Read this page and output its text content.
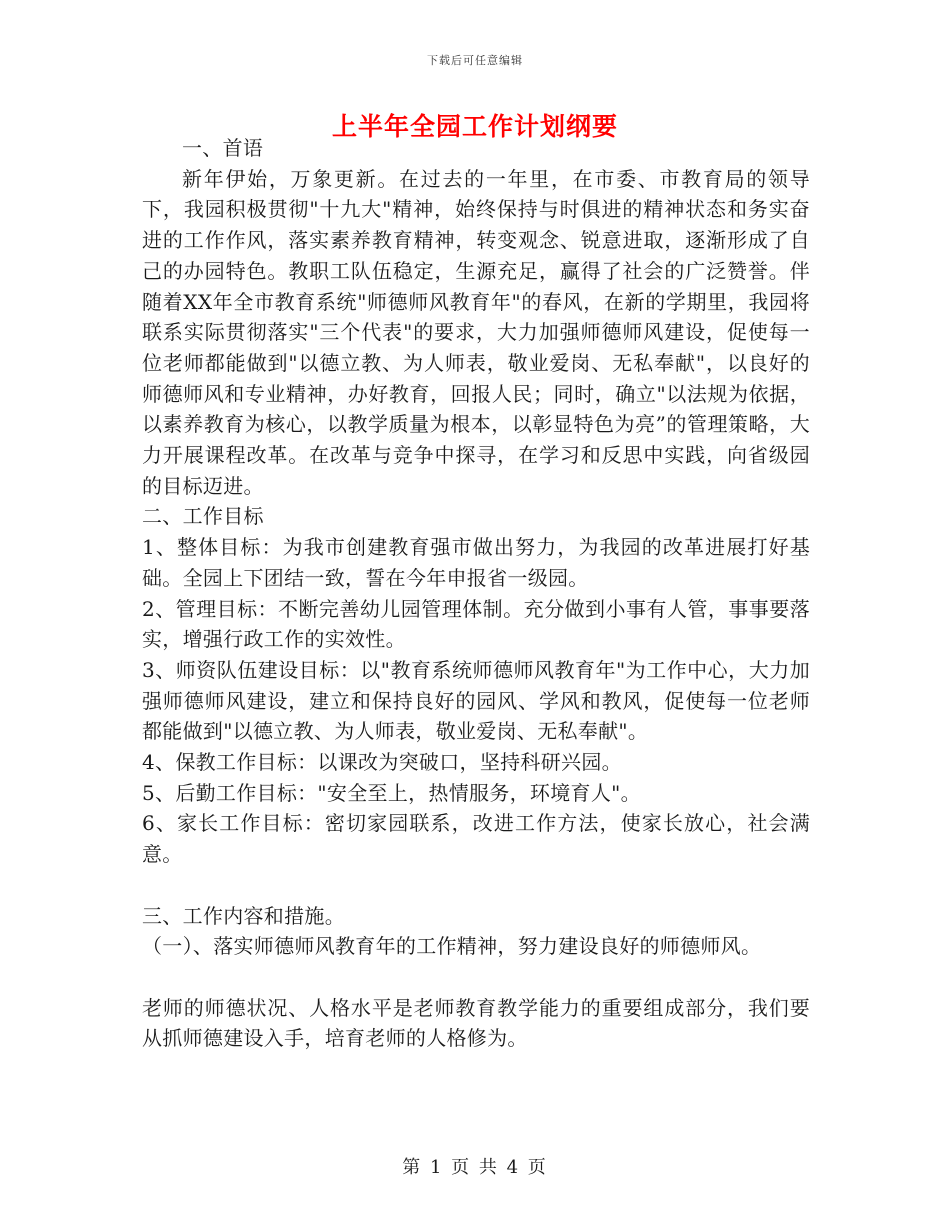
下载后可任意编辑
上半年全园工作计划纲要

一、首语

新年伊始，万象更新。在过去的一年里，在市委、市教育局的领导下，我园积极贯彻"十九大"精神，始终保持与时俱进的精神状态和务实奋进的工作作风，落实素养教育精神，转变观念、锐意进取，逐渐形成了自己的办园特色。教职工队伍稳定，生源充足，赢得了社会的广泛赞誉。伴随着XX年全市教育系统"师德师风教育年"的春风，在新的学期里，我园将联系实际贯彻落实"三个代表"的要求，大力加强师德师风建设，促使每一位老师都能做到"以德立教、为人师表，敬业爱岗、无私奉献"，以良好的师德师风和专业精神，办好教育，回报人民；同时，确立"以法规为依据，以素养教育为核心，以教学质量为根本，以彰显特色为亮”的管理策略，大力开展课程改革。在改革与竞争中探寻，在学习和反思中实践，向省级园的目标迈进。

二、工作目标

1、整体目标：为我市创建教育强市做出努力，为我园的改革进展打好基础。全园上下团结一致，誓在今年申报省一级园。

2、管理目标：不断完善幼儿园管理体制。充分做到小事有人管，事事要落实，增强行政工作的实效性。

3、师资队伍建设目标：以"教育系统师德师风教育年"为工作中心，大力加强师德师风建设，建立和保持良好的园风、学风和教风，促使每一位老师都能做到"以德立教、为人师表，敬业爱岗、无私奉献"。

4、保教工作目标：以课改为突破口，坚持科研兴园。

5、后勤工作目标："安全至上，热情服务，环境育人"。

6、家长工作目标：密切家园联系，改进工作方法，使家长放心，社会满意。

三、工作内容和措施。

（一）、落实师德师风教育年的工作精神，努力建设良好的师德师风。

老师的师德状况、人格水平是老师教育教学能力的重要组成部分，我们要从抓师德建设入手，培育老师的人格修为。

第 1 页 共 4 页
